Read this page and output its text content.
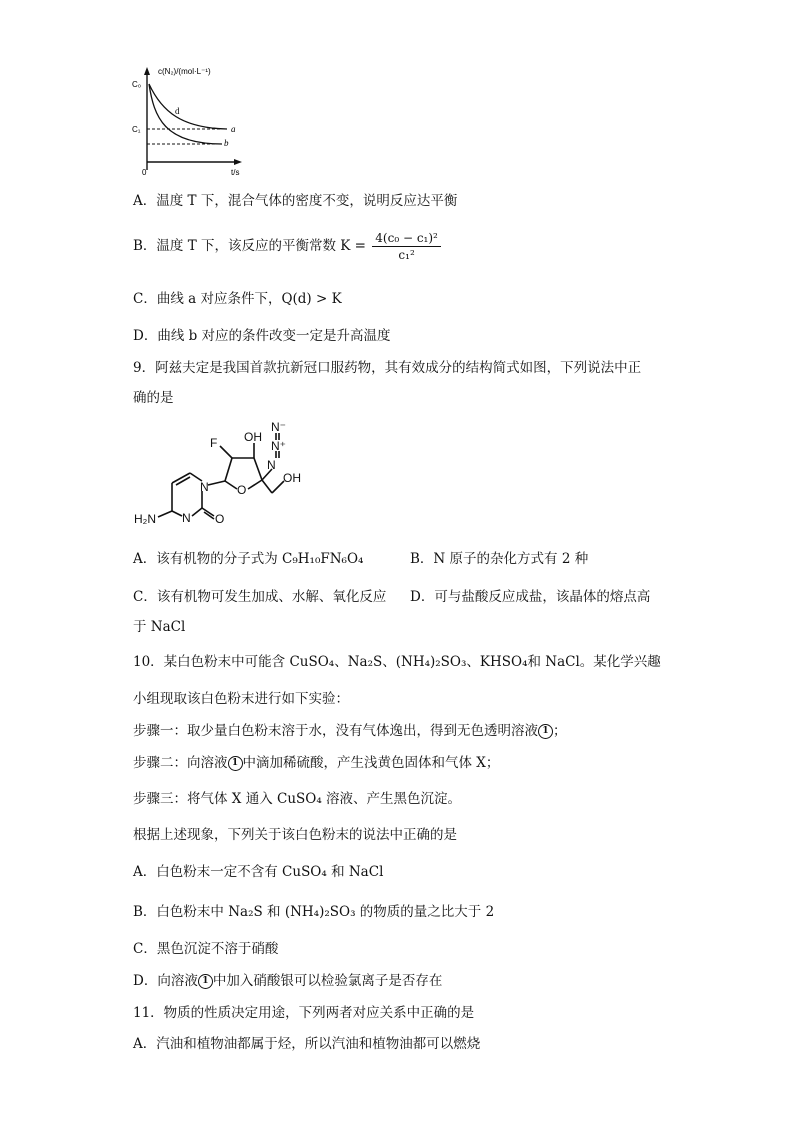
c(N₂)/(mol·L⁻¹)
C₀
C₁
0	t/s
a
b
d
A．温度 T 下，混合气体的密度不变，说明反应达平衡
B．温度 T 下，该反应的平衡常数 $K = \frac{\text{4(c₀ − c₁)²}}{\text{c₁²}}$
C．曲线 a 对应条件下，Q(d) > K
D．曲线 b 对应的条件改变一定是升高温度
9．阿兹夫定是我国首款抗新冠口服药物，其有效成分的结构简式如图，下列说法中正
确的是
F OH
N⁻
N⁺
N
O
OH
N
N
H₂N	O
A．该有机物的分子式为 C₉H₁₀FN₆O₄	B．N 原子的杂化方式有 2 种
C．该有机物可发生加成、水解、氧化反应 D．可与盐酸反应成盐，该晶体的熔点高
于 NaCl
10．某白色粉末中可能含 CuSO₄、Na₂S、(NH₄)₂SO₃、KHSO₄和 NaCl。某化学兴趣
小组现取该白色粉末进行如下实验：
步骤一：取少量白色粉末溶于水，没有气体逸出，得到无色透明溶液 1 ；
步骤二：向溶液 1 中滴加稀硫酸，产生浅黄色固体和气体 X；
步骤三：将气体 X 通入 CuSO₄ 溶液、产生黑色沉淀。
根据上述现象，下列关于该白色粉末的说法中正确的是
A．白色粉末一定不含有 CuSO₄ 和 NaCl
B．白色粉末中 Na₂S 和 (NH₄)₂SO₃ 的物质的量之比大于 2
C．黑色沉淀不溶于硝酸
D．向溶液 1 中加入硝酸银可以检验氯离子是否存在
11．物质的性质决定用途，下列两者对应关系中正确的是
A．汽油和植物油都属于烃，所以汽油和植物油都可以燃烧
